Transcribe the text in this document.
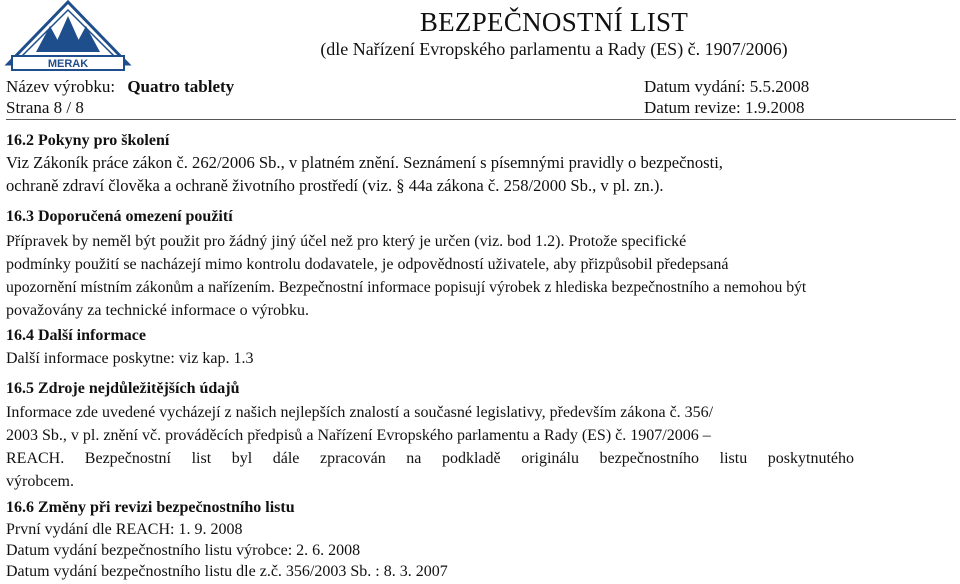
MERAK
BEZPEČNOSTNÍ LIST
(dle Nařízení Evropského parlamentu a Rady (ES) č. 1907/2006)
Název výrobku: Quatro tablety
Strana 8 / 8
Datum vydání: 5.5.2008
Datum revize: 1.9.2008
16.2 Pokyny pro školení
Viz Zákoník práce zákon č. 262/2006 Sb., v platném znění. Seznámení s písemnými pravidly o bezpečnosti,
ochraně zdraví člověka a ochraně životního prostředí (viz. § 44a zákona č. 258/2000 Sb., v pl. zn.).
16.3 Doporučená omezení použití
Přípravek by neměl být použit pro žádný jiný účel než pro který je určen (viz. bod 1.2). Protože specifické
podmínky použití se nacházejí mimo kontrolu dodavatele, je odpovědností uživatele, aby přizpůsobil předepsaná
upozornění místním zákonům a nařízením. Bezpečnostní informace popisují výrobek z hlediska bezpečnostního a nemohou být
považovány za technické informace o výrobku.
16.4 Další informace
Další informace poskytne: viz kap. 1.3
16.5 Zdroje nejdůležitějších údajů
Informace zde uvedené vycházejí z našich nejlepších znalostí a současné legislativy, především zákona č. 356/
2003 Sb., v pl. znění vč. prováděcích předpisů a Nařízení Evropského parlamentu a Rady (ES) č. 1907/2006 –
REACH. Bezpečnostní list byl dále zpracován na podkladě originálu bezpečnostního listu poskytnutého
výrobcem.
16.6 Změny při revizi bezpečnostního listu
První vydání dle REACH: 1. 9. 2008
Datum vydání bezpečnostního listu výrobce: 2. 6. 2008
Datum vydání bezpečnostního listu dle z.č. 356/2003 Sb. : 8. 3. 2007
